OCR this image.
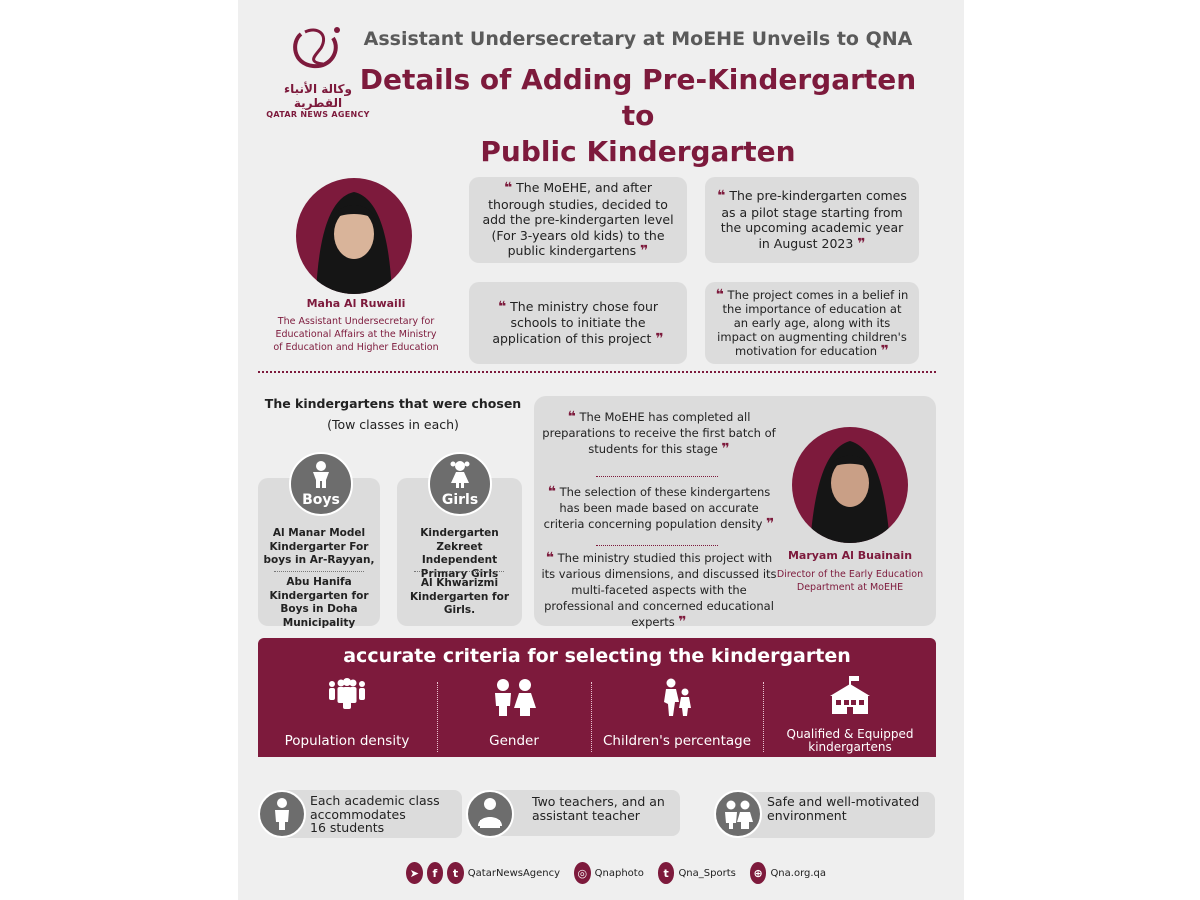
وكالة الأنباء القطرية
QATAR NEWS AGENCY
Assistant Undersecretary at MoEHE Unveils to QNA
Details of Adding Pre-Kindergarten to
Public Kindergarten
Maha Al Ruwaili
The Assistant Undersecretary for
Educational Affairs at the Ministry
of Education and Higher Education
❝ The MoEHE, and after thorough studies, decided to add the pre-kindergarten level (For 3-years old kids) to the public kindergartens ❞
❝ The pre-kindergarten comes as a pilot stage starting from the upcoming academic year in August 2023 ❞
❝ The ministry chose four schools to initiate the application of this project ❞
❝ The project comes in a belief in the importance of education at an early age, along with its impact on augmenting children's motivation for education ❞
The kindergartens that were chosen
(Tow classes in each)
Boys
Al Manar Model Kindergarter For boys in Ar-Rayyan,
Abu Hanifa Kindergarten for Boys in Doha Municipality
Girls
Kindergarten Zekreet Independent Primary Girls
Al Khwarizmi Kindergarten for Girls.
❝ The MoEHE has completed all preparations to receive the first batch of students for this stage ❞
❝ The selection of these kindergartens has been made based on accurate criteria concerning population density ❞
❝ The ministry studied this project with its various dimensions, and discussed its multi-faceted aspects with the professional and concerned educational experts ❞
Maryam Al Buainain
Director of the Early Education
Department at MoEHE
accurate criteria for selecting the kindergarten
Population density	Gender	Children's percentage	Qualified & Equipped
kindergartens
Each academic class
accommodates
16 students
Two teachers, and an
assistant teacher
Safe and well-motivated
environment
➤	f	t QatarNewsAgency	◎ Qnaphoto	t Qna_Sports	⊕ Qna.org.qa
